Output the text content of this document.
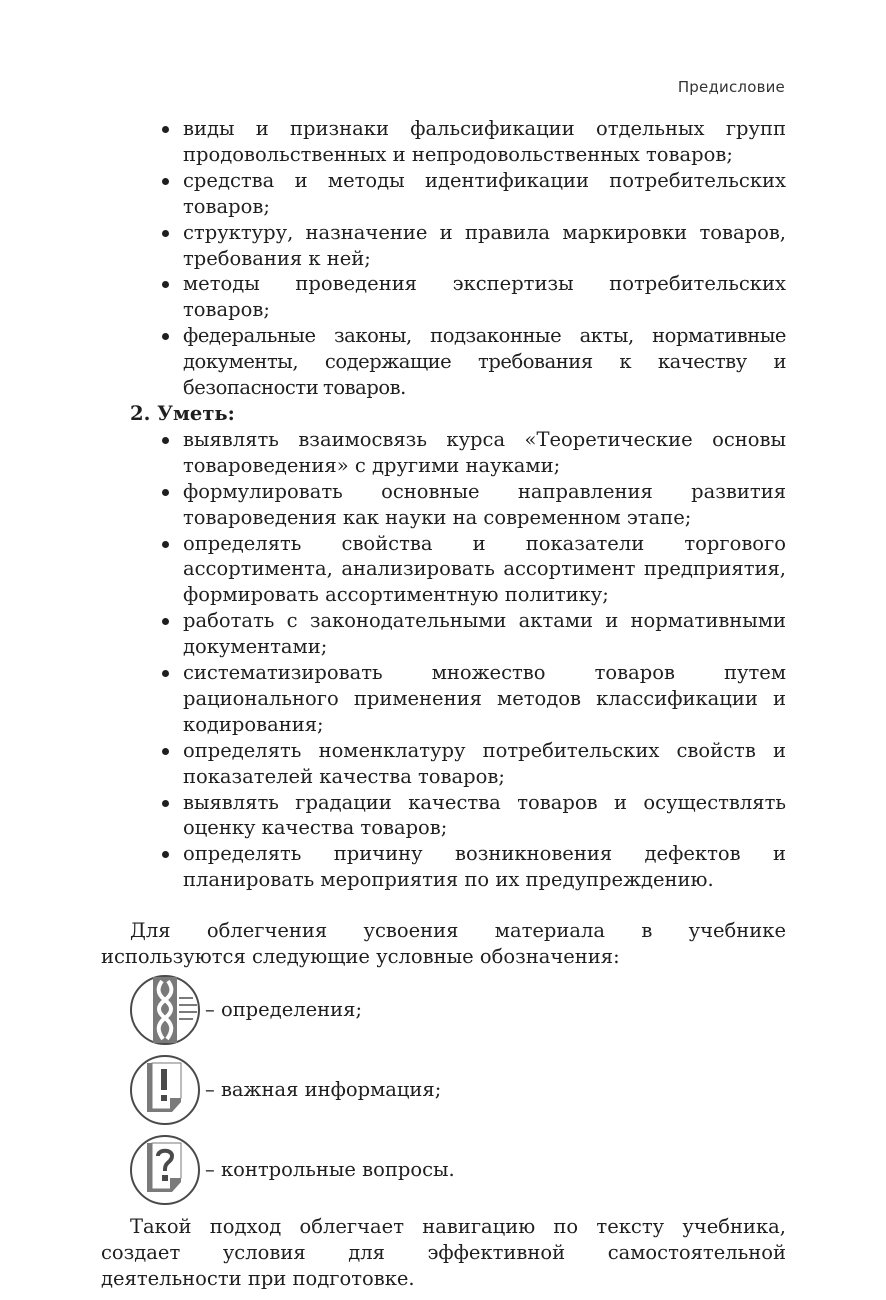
Предисловие
виды и признаки фальсификации отдельных групп продовольственных и непродовольственных товаров;
средства и методы идентификации потребительских товаров;
структуру, назначение и правила маркировки товаров, требования к ней;
методы проведения экспертизы потребительских товаров;
федеральные законы, подзаконные акты, нормативные документы, содержащие требования к качеству и безопасности товаров.
2. Уметь:
выявлять взаимосвязь курса «Теоретические основы товароведения» с другими науками;
формулировать основные направления развития товароведения как науки на современном этапе;
определять свойства и показатели торгового ассортимента, анализировать ассортимент предприятия, формировать ассортиментную политику;
работать с законодательными актами и нормативными документами;
систематизировать множество товаров путем рационального применения методов классификации и кодирования;
определять номенклатуру потребительских свойств и показателей качества товаров;
выявлять градации качества товаров и осуществлять оценку качества товаров;
определять причину возникновения дефектов и планировать мероприятия по их предупреждению.
Для облегчения усвоения материала в учебнике используются следующие условные обозначения:
– определения;
– важная информация;
– контрольные вопросы.
Такой подход облегчает навигацию по тексту учебника, создает условия для эффективной самостоятельной деятельности при подготовке.
